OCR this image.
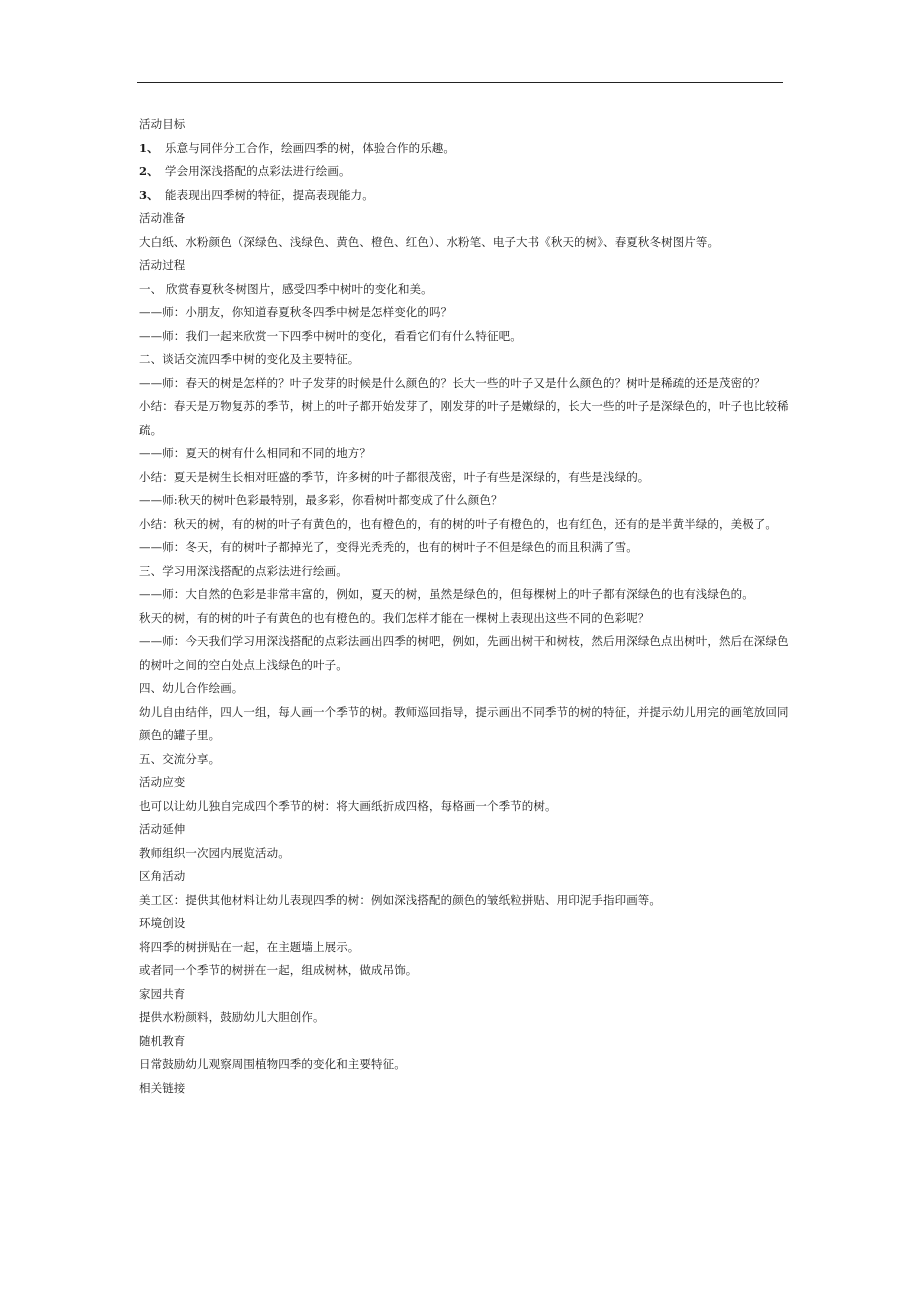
活动目标
1、 乐意与同伴分工合作，绘画四季的树，体验合作的乐趣。
2、 学会用深浅搭配的点彩法进行绘画。
3、 能表现出四季树的特征，提高表现能力。
活动准备
大白纸、水粉颜色（深绿色、浅绿色、黄色、橙色、红色）、水粉笔、电子大书《秋天的树》、春夏秋冬树图片等。
活动过程
一、 欣赏春夏秋冬树图片，感受四季中树叶的变化和美。
——师：小朋友，你知道春夏秋冬四季中树是怎样变化的吗？
——师：我们一起来欣赏一下四季中树叶的变化，看看它们有什么特征吧。
二、谈话交流四季中树的变化及主要特征。
——师：春天的树是怎样的？叶子发芽的时候是什么颜色的？长大一些的叶子又是什么颜色的？树叶是稀疏的还是茂密的？
小结：春天是万物复苏的季节，树上的叶子都开始发芽了，刚发芽的叶子是嫩绿的，长大一些的叶子是深绿色的，叶子也比较稀疏。
——师：夏天的树有什么相同和不同的地方？
小结：夏天是树生长相对旺盛的季节，许多树的叶子都很茂密，叶子有些是深绿的，有些是浅绿的。
——师:秋天的树叶色彩最特别，最多彩，你看树叶都变成了什么颜色？
小结：秋天的树，有的树的叶子有黄色的，也有橙色的，有的树的叶子有橙色的，也有红色，还有的是半黄半绿的，美极了。
——师：冬天，有的树叶子都掉光了，变得光秃秃的，也有的树叶子不但是绿色的而且积满了雪。
三、学习用深浅搭配的点彩法进行绘画。
——师：大自然的色彩是非常丰富的，例如，夏天的树，虽然是绿色的，但每棵树上的叶子都有深绿色的也有浅绿色的。
秋天的树，有的树的叶子有黄色的也有橙色的。我们怎样才能在一棵树上表现出这些不同的色彩呢？
——师：今天我们学习用深浅搭配的点彩法画出四季的树吧，例如，先画出树干和树枝，然后用深绿色点出树叶，然后在深绿色的树叶之间的空白处点上浅绿色的叶子。
四、幼儿合作绘画。
幼儿自由结伴，四人一组，每人画一个季节的树。教师巡回指导，提示画出不同季节的树的特征，并提示幼儿用完的画笔放回同颜色的罐子里。
五、交流分享。
活动应变
也可以让幼儿独自完成四个季节的树：将大画纸折成四格，每格画一个季节的树。
活动延伸
教师组织一次园内展览活动。
区角活动
美工区：提供其他材料让幼儿表现四季的树：例如深浅搭配的颜色的皱纸粒拼贴、用印泥手指印画等。
环境创设
将四季的树拼贴在一起，在主题墙上展示。
或者同一个季节的树拼在一起，组成树林，做成吊饰。
家园共育
提供水粉颜料，鼓励幼儿大胆创作。
随机教育
日常鼓励幼儿观察周围植物四季的变化和主要特征。
相关链接
